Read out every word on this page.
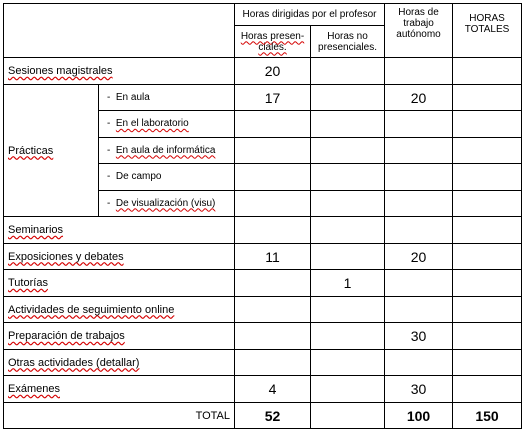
		Horas dirigidas por el profesor		Horas de trabajo autónomo	HORAS TOTALES
		Horas presen-ciales.	Horas no presenciales.		
Sesiones magistrales		20			
Prácticas	-  En aula	17		20	
	-  En el laboratorio				
	-  En aula de informática				
	-  De campo				
	-  De visualización (visu)				
Seminarios					
Exposiciones y debates		11		20	
Tutorías			1		
Actividades de seguimiento online					
Preparación de trabajos				30	
Otras actividades (detallar)					
Exámenes		4		30	
TOTAL		52		100	150
